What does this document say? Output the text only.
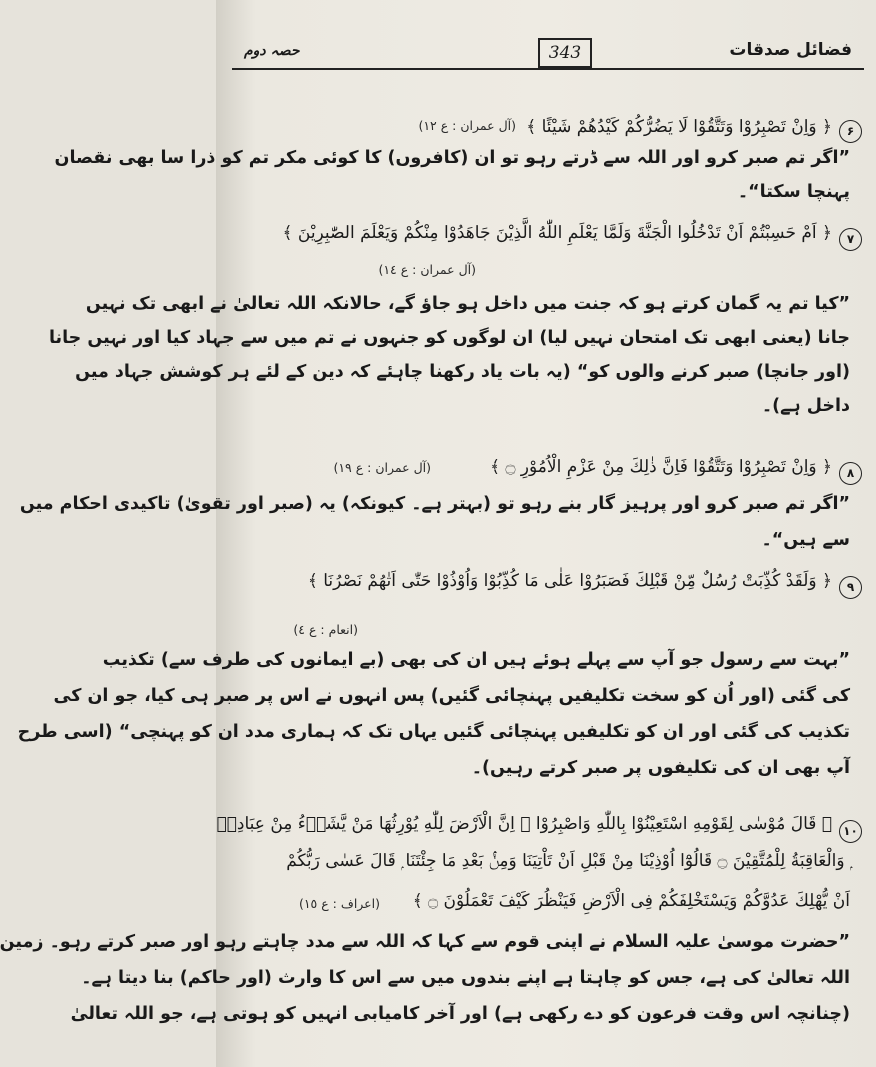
فضائل صدقات
343
حصہ دوم
۶
﴿ وَاِنْ تَصْبِرُوْا وَتَتَّقُوْا لَا يَضُرُّكُمْ كَيْدُهُمْ شَيْئًا ﴾
(آل عمران : ع ١٢)
”اگر تم صبر کرو اور اللہ سے ڈرتے رہو تو ان (کافروں) کا کوئی مکر تم کو ذرا سا بھی نقصان
پہنچا سکتا“۔
۷
﴿ اَمْ حَسِبْتُمْ اَنْ تَدْخُلُوا الْجَنَّةَ وَلَمَّا يَعْلَمِ اللّٰهُ الَّذِيْنَ جَاهَدُوْا مِنْكُمْ وَيَعْلَمَ الصّٰبِرِيْنَ ﴾
(آل عمران : ع ١٤)
”کیا تم یہ گمان کرتے ہو کہ جنت میں داخل ہو جاؤ گے، حالانکہ اللہ تعالیٰ نے ابھی تک نہیں
جانا (یعنی ابھی تک امتحان نہیں لیا) ان لوگوں کو جنہوں نے تم میں سے جہاد کیا اور نہیں جانا
(اور جانچا) صبر کرنے والوں کو“ (یہ بات یاد رکھنا چاہئے کہ دین کے لئے ہر کوشش جہاد میں
داخل ہے)۔
۸
﴿ وَاِنْ تَصْبِرُوْا وَتَتَّقُوْا فَاِنَّ ذٰلِكَ مِنْ عَزْمِ الْاُمُوْرِ ۝ ﴾
(آل عمران : ع ١٩)
”اگر تم صبر کرو اور پرہیز گار بنے رہو تو (بہتر ہے۔ کیونکہ) یہ (صبر اور تقویٰ) تاکیدی احکام میں
سے ہیں“۔
۹
﴿ وَلَقَدْ كُذِّبَتْ رُسُلٌ مِّنْ قَبْلِكَ فَصَبَرُوْا عَلٰى مَا كُذِّبُوْا وَاُوْذُوْا حَتّٰى اَتٰهُمْ نَصْرُنَا ﴾
(انعام : ع ٤)
”بہت سے رسول جو آپ سے پہلے ہوئے ہیں ان کی بھی (بے ایمانوں کی طرف سے) تکذیب
کی گئی (اور اُن کو سخت تکلیفیں پہنچائی گئیں) پس انہوں نے اس پر صبر ہی کیا، جو ان کی
تکذیب کی گئی اور ان کو تکلیفیں پہنچائی گئیں یہاں تک کہ ہماری مدد ان کو پہنچی“ (اسی طرح
آپ بھی ان کی تکلیفوں پر صبر کرتے رہیں)۔
۱۰
﴿ قَالَ مُوْسٰى لِقَوْمِهِ اسْتَعِيْنُوْا بِاللّٰهِ وَاصْبِرُوْا ۚ اِنَّ الْاَرْضَ لِلّٰهِ يُوْرِثُهَا مَنْ يَّشَاۗءُ مِنْ عِبَادِهٖ
ۭ وَالْعَاقِبَةُ لِلْمُتَّقِيْنَ ۝ قَالُوْٓا اُوْذِيْنَا مِنْ قَبْلِ اَنْ تَاْتِيَنَا وَمِنْۢ بَعْدِ مَا جِئْتَنَا ۭ قَالَ عَسٰى رَبُّكُمْ
اَنْ يُّهْلِكَ عَدُوَّكُمْ وَيَسْتَخْلِفَكُمْ فِى الْاَرْضِ فَيَنْظُرَ كَيْفَ تَعْمَلُوْنَ ۝ ﴾
(اعراف : ع ١٥)
”حضرت موسیٰ علیہ السلام نے اپنی قوم سے کہا کہ اللہ سے مدد چاہتے رہو اور صبر کرتے رہو۔ زمین
اللہ تعالیٰ کی ہے، جس کو چاہتا ہے اپنے بندوں میں سے اس کا وارث (اور حاکم) بنا دیتا ہے۔
(چنانچہ اس وقت فرعون کو دے رکھی ہے) اور آخر کامیابی انہیں کو ہوتی ہے، جو اللہ تعالیٰ
